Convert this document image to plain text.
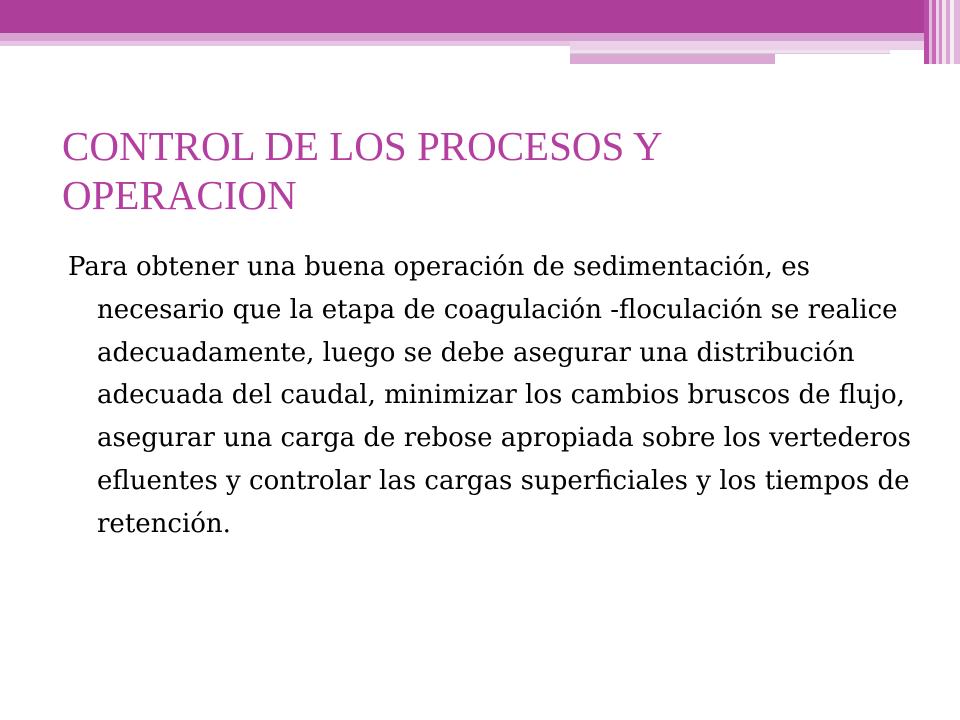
CONTROL DE LOS PROCESOS Y OPERACION

Para obtener una buena operación de sedimentación, es necesario que la etapa de coagulación -floculación se realice adecuadamente, luego se debe asegurar una distribución adecuada del caudal, minimizar los cambios bruscos de flujo, asegurar una carga de rebose apropiada sobre los vertederos efluentes y controlar las cargas superficiales y los tiempos de retención.
